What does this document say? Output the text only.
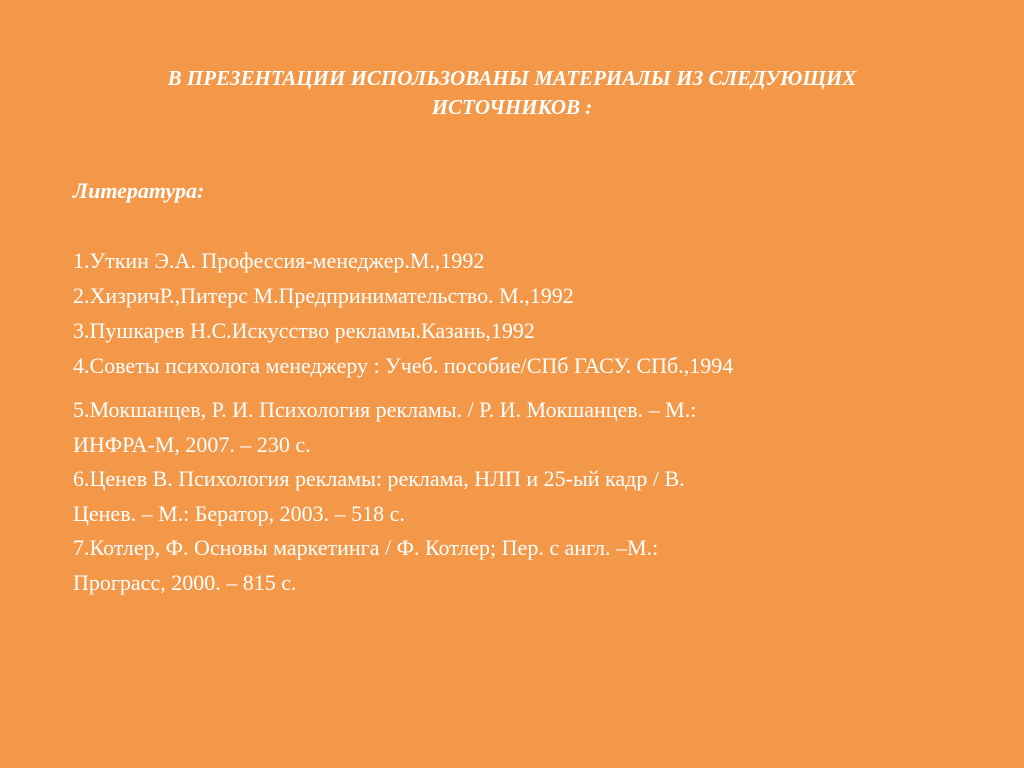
В ПРЕЗЕНТАЦИИ ИСПОЛЬЗОВАНЫ МАТЕРИАЛЫ ИЗ СЛЕДУЮЩИХ
ИСТОЧНИКОВ :

Литература:

1.Уткин Э.А. Профессия-менеджер.М.,1992
2.ХизричР.,Питерс М.Предпринимательство. М.,1992
3.Пушкарев Н.С.Искусство рекламы.Казань,1992
4.Советы психолога менеджеру : Учеб. пособие/СПб ГАСУ. СПб.,1994
5.Мокшанцев, Р. И. Психология рекламы. / Р. И. Мокшанцев. – М.:
ИНФРА-М, 2007. – 230 с.
6.Ценев В. Психология рекламы: реклама, НЛП и 25-ый кадр / В.
Ценев. – М.: Бератор, 2003. – 518 с.
7.Котлер, Ф. Основы маркетинга / Ф. Котлер; Пер. с англ. –М.:
Програсс, 2000. – 815 с.
